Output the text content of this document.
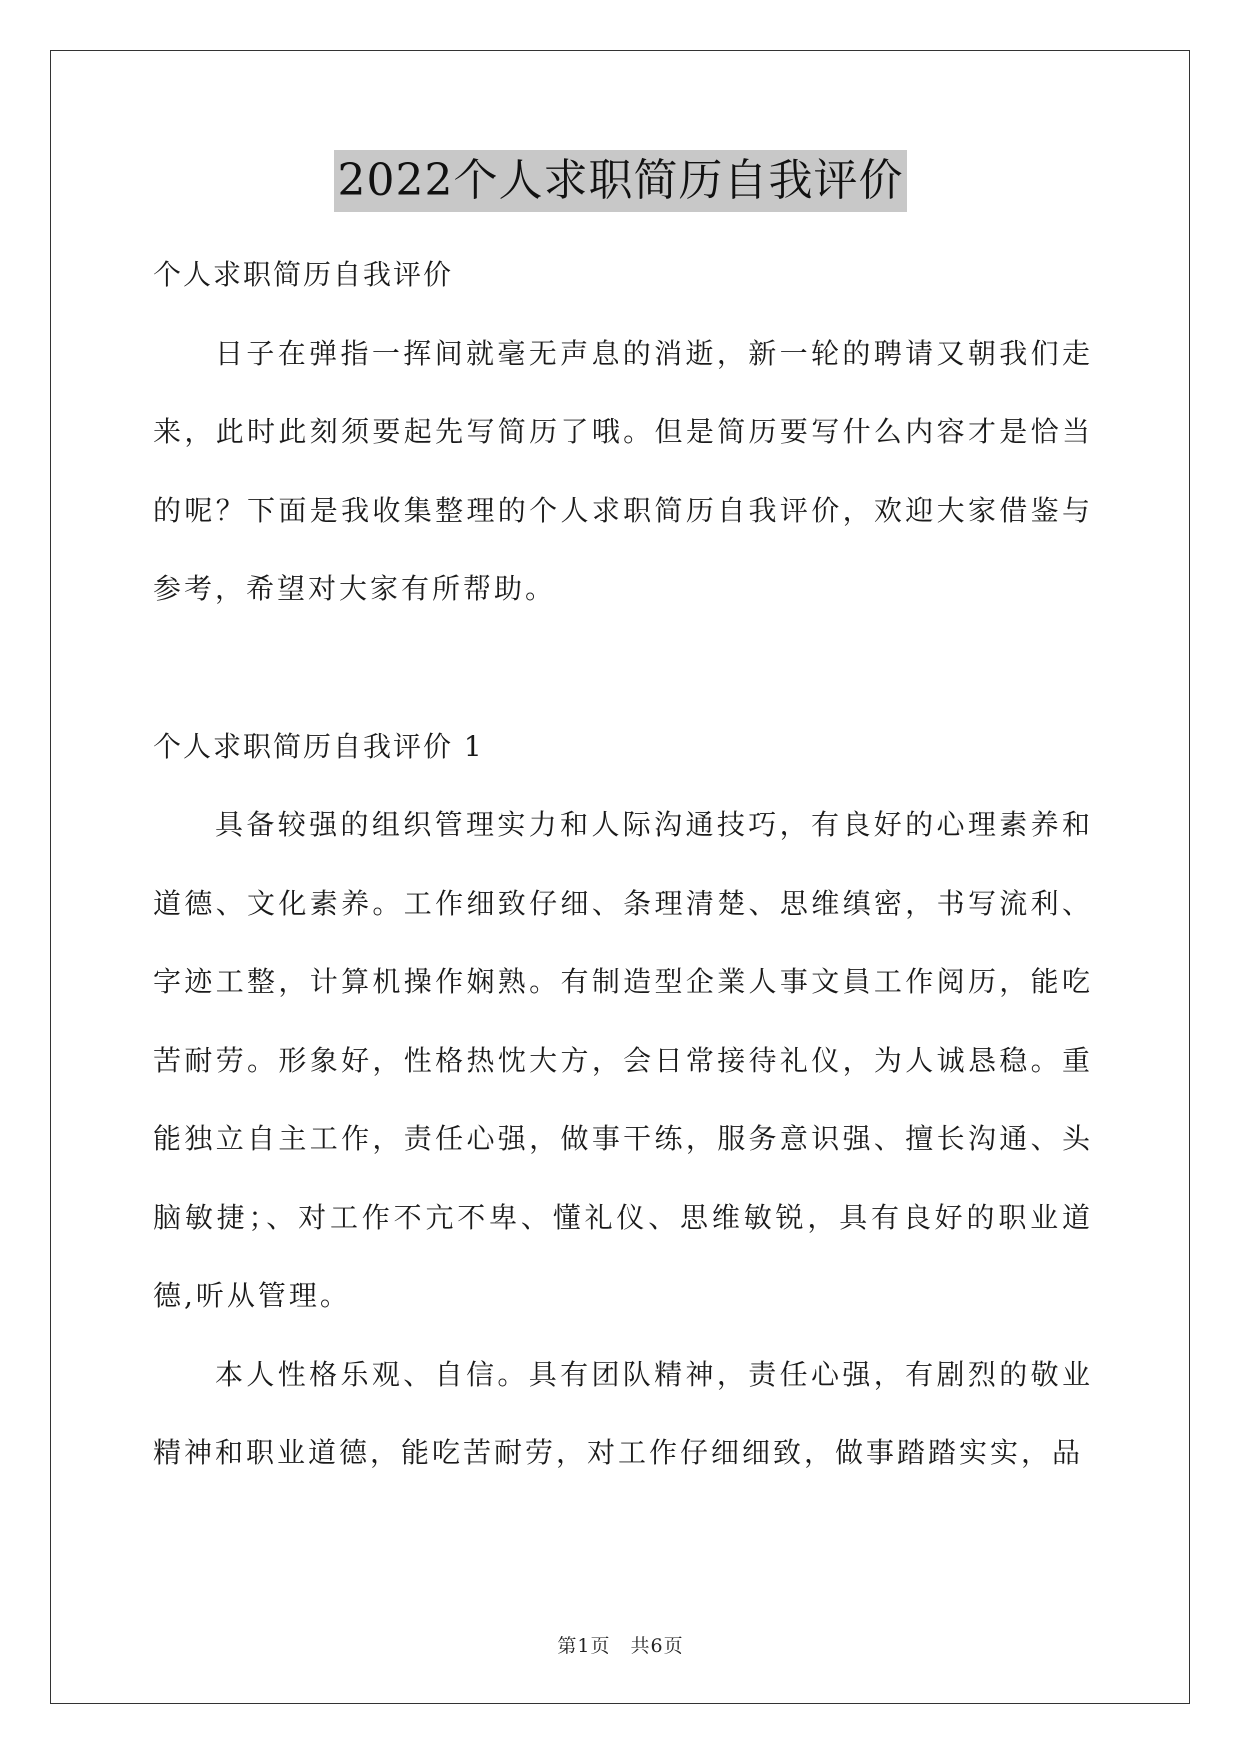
2022个人求职简历自我评价

个人求职简历自我评价

日子在弹指一挥间就毫无声息的消逝，新一轮的聘请又朝我们走来，此时此刻须要起先写简历了哦。但是简历要写什么内容才是恰当的呢？下面是我收集整理的个人求职简历自我评价，欢迎大家借鉴与参考，希望对大家有所帮助。

个人求职简历自我评价 1

具备较强的组织管理实力和人际沟通技巧，有良好的心理素养和道德、文化素养。工作细致仔细、条理清楚、思维缜密，书写流利、字迹工整，计算机操作娴熟。有制造型企業人事文員工作阅历，能吃苦耐劳。形象好，性格热忱大方，会日常接待礼仪，为人诚恳稳。重能独立自主工作，责任心强，做事干练，服务意识强、擅长沟通、头脑敏捷；、对工作不亢不卑、懂礼仪、思维敏锐，具有良好的职业道德,听从管理。

本人性格乐观、自信。具有团队精神，责任心强，有剧烈的敬业精神和职业道德，能吃苦耐劳，对工作仔细细致，做事踏踏实实，品

第1页 共6页
